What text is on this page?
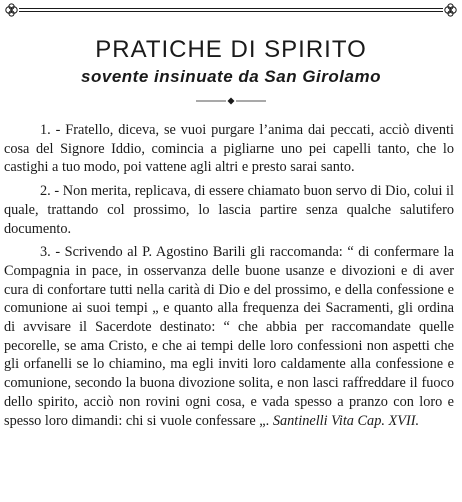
PRATICHE DI SPIRITO
sovente insinuate da San Girolamo

1. - Fratello, diceva, se vuoi purgare l’anima dai peccati, acciò diventi cosa del Signore Iddio, comincia a pigliarne uno pei capelli tanto, che lo castighi a tuo modo, poi vattene agli altri e presto sarai santo.

2. - Non merita, replicava, di essere chiamato buon servo di Dio, colui il quale, trattando col prossimo, lo lascia partire senza qualche salutifero documento.

3. - Scrivendo al P. Agostino Barili gli raccomanda: “ di confermare la Compagnia in pace, in osservanza delle buone usanze e divozioni e di aver cura di confortare tutti nella carità di Dio e del prossimo, e della confessione e comunione ai suoi tempi „ e quanto alla frequenza dei Sacramenti, gli ordina di avvisare il Sacerdote destinato: “ che abbia per raccomandate quelle pecorelle, se ama Cristo, e che ai tempi delle loro confessioni non aspetti che gli orfanelli se lo chiamino, ma egli inviti loro caldamente alla confessione e comunione, secondo la buona divozione solita, e non lasci raffreddare il fuoco dello spirito, acciò non rovini ogni cosa, e vada spesso a pranzo con loro e spesso loro dimandi: chi si vuole confessare „. Santinelli Vita Cap. XVII.
